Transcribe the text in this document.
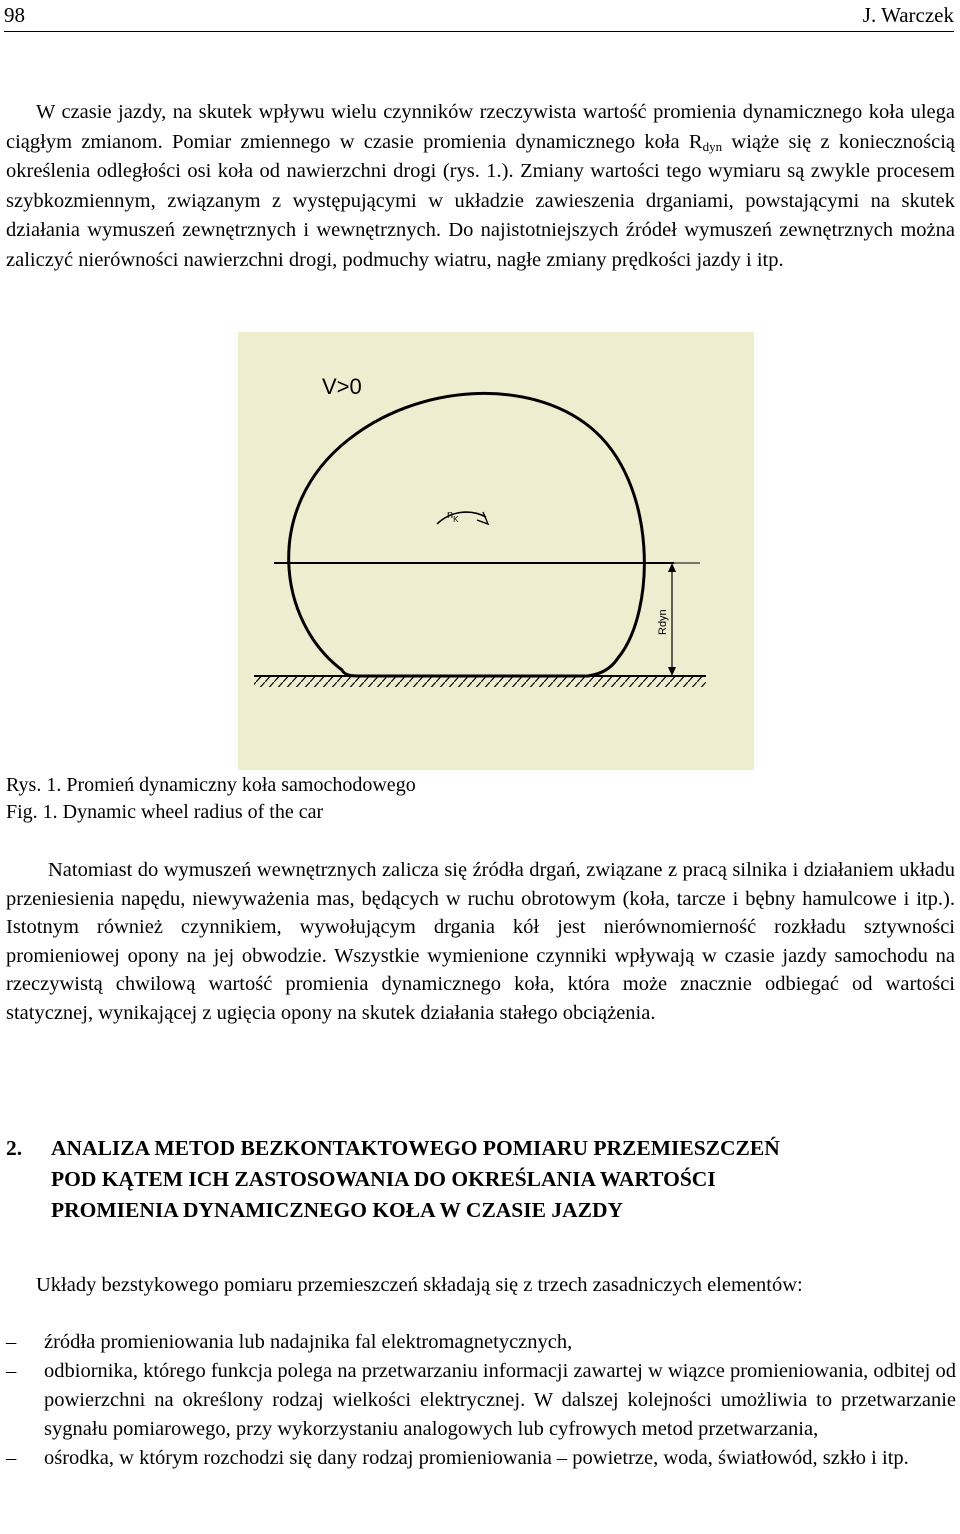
98	J. Warczek

W czasie jazdy, na skutek wpływu wielu czynników rzeczywista wartość promienia dynamicznego koła ulega ciągłym zmianom. Pomiar zmiennego w czasie promienia dynamicznego koła $R_{dyn}$ wiąże się z koniecznością określenia odległości osi koła od nawierzchni drogi (rys. 1.). Zmiany wartości tego wymiaru są zwykle procesem szybkozmiennym, związanym z występującymi w układzie zawieszenia drganiami, powstającymi na skutek działania wymuszeń zewnętrznych i wewnętrznych. Do najistotniejszych źródeł wymuszeń zewnętrznych można zaliczyć nierówności nawierzchni drogi, podmuchy wiatru, nagłe zmiany prędkości jazdy i itp.

V>0
$n_K$
Rdyn
Rys. 1. Promień dynamiczny koła samochodowego
Fig. 1. Dynamic wheel radius of the car

Natomiast do wymuszeń wewnętrznych zalicza się źródła drgań, związane z pracą silnika i działaniem układu przeniesienia napędu, niewyważenia mas, będących w ruchu obrotowym (koła, tarcze i bębny hamulcowe i itp.). Istotnym również czynnikiem, wywołującym drgania kół jest nierównomierność rozkładu sztywności promieniowej opony na jej obwodzie. Wszystkie wymienione czynniki wpływają w czasie jazdy samochodu na rzeczywistą chwilową wartość promienia dynamicznego koła, która może znacznie odbiegać od wartości statycznej, wynikającej z ugięcia opony na skutek działania stałego obciążenia.

2. ANALIZA METOD BEZKONTAKTOWEGO POMIARU PRZEMIESZCZEŃ
POD KĄTEM ICH ZASTOSOWANIA DO OKREŚLANIA WARTOŚCI
PROMIENIA DYNAMICZNEGO KOŁA W CZASIE JAZDY

Układy bezstykowego pomiaru przemieszczeń składają się z trzech zasadniczych elementów:

–	źródła promieniowania lub nadajnika fal elektromagnetycznych,
–	odbiornika, którego funkcja polega na przetwarzaniu informacji zawartej w wiązce promieniowania, odbitej od powierzchni na określony rodzaj wielkości elektrycznej. W dalszej kolejności umożliwia to przetwarzanie sygnału pomiarowego, przy wykorzystaniu analogowych lub cyfrowych metod przetwarzania,
–	ośrodka, w którym rozchodzi się dany rodzaj promieniowania – powietrze, woda, światłowód, szkło i itp.
